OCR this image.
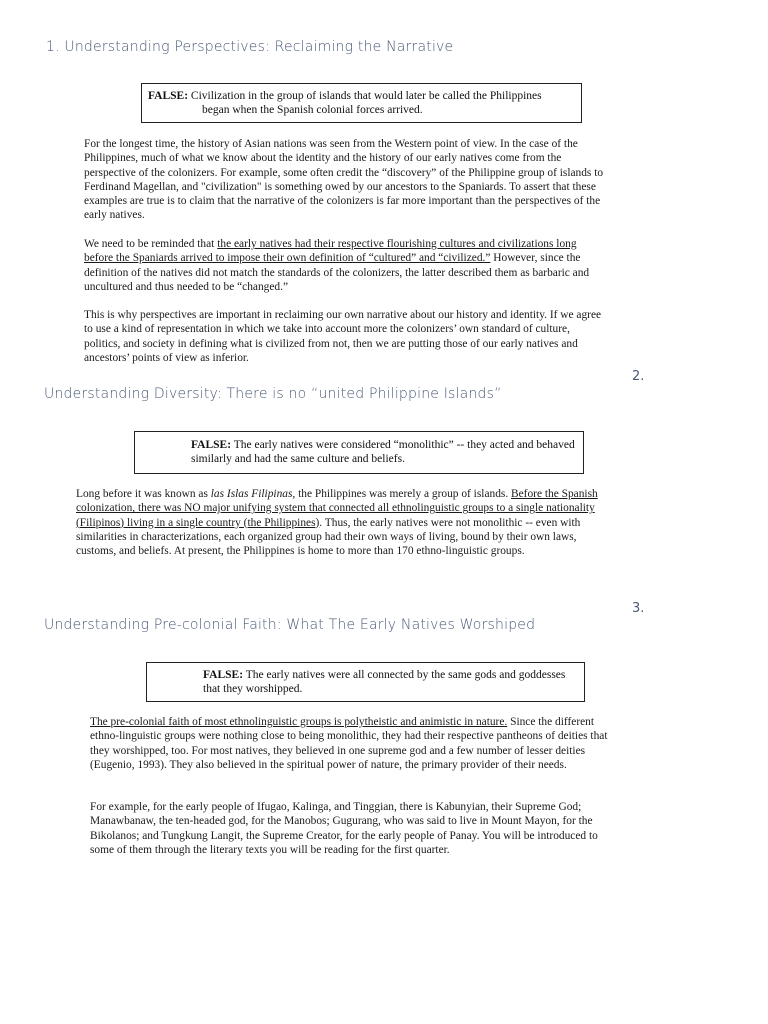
1. Understanding Perspectives: Reclaiming the Narrative
FALSE: Civilization in the group of islands that would later be called the Philippines
began when the Spanish colonial forces arrived.

For the longest time, the history of Asian nations was seen from the Western point of view. In the case of the Philippines, much of what we know about the identity and the history of our early natives come from the perspective of the colonizers. For example, some often credit the “discovery” of the Philippine group of islands to Ferdinand Magellan, and "civilization" is something owed by our ancestors to the Spaniards. To assert that these examples are true is to claim that the narrative of the colonizers is far more important than the perspectives of the early natives.

We need to be reminded that the early natives had their respective flourishing cultures and civilizations long before the Spaniards arrived to impose their own definition of “cultured” and “civilized.” However, since the definition of the natives did not match the standards of the colonizers, the latter described them as barbaric and uncultured and thus needed to be “changed.”

This is why perspectives are important in reclaiming our own narrative about our history and identity. If we agree to use a kind of representation in which we take into account more the colonizers’ own standard of culture, politics, and society in defining what is civilized from not, then we are putting those of our early natives and ancestors’ points of view as inferior.

2.
Understanding Diversity: There is no “united Philippine Islands”
FALSE: The early natives were considered “monolithic” -- they acted and behaved similarly and had the same culture and beliefs.

Long before it was known as las Islas Filipinas, the Philippines was merely a group of islands. Before the Spanish colonization, there was NO major unifying system that connected all ethnolinguistic groups to a single nationality (Filipinos) living in a single country (the Philippines). Thus, the early natives were not monolithic -- even with similarities in characterizations, each organized group had their own ways of living, bound by their own laws, customs, and beliefs. At present, the Philippines is home to more than 170 ethno-linguistic groups.

3.
Understanding Pre-colonial Faith: What The Early Natives Worshiped
FALSE: The early natives were all connected by the same gods and goddesses that they worshipped.

The pre-colonial faith of most ethnolinguistic groups is polytheistic and animistic in nature. Since the different ethno-linguistic groups were nothing close to being monolithic, they had their respective pantheons of deities that they worshipped, too. For most natives, they believed in one supreme god and a few number of lesser deities (Eugenio, 1993). They also believed in the spiritual power of nature, the primary provider of their needs.

For example, for the early people of Ifugao, Kalinga, and Tinggian, there is Kabunyian, their Supreme God; Manawbanaw, the ten-headed god, for the Manobos; Gugurang, who was said to live in Mount Mayon, for the Bikolanos; and Tungkung Langit, the Supreme Creator, for the early people of Panay. You will be introduced to some of them through the literary texts you will be reading for the first quarter.
